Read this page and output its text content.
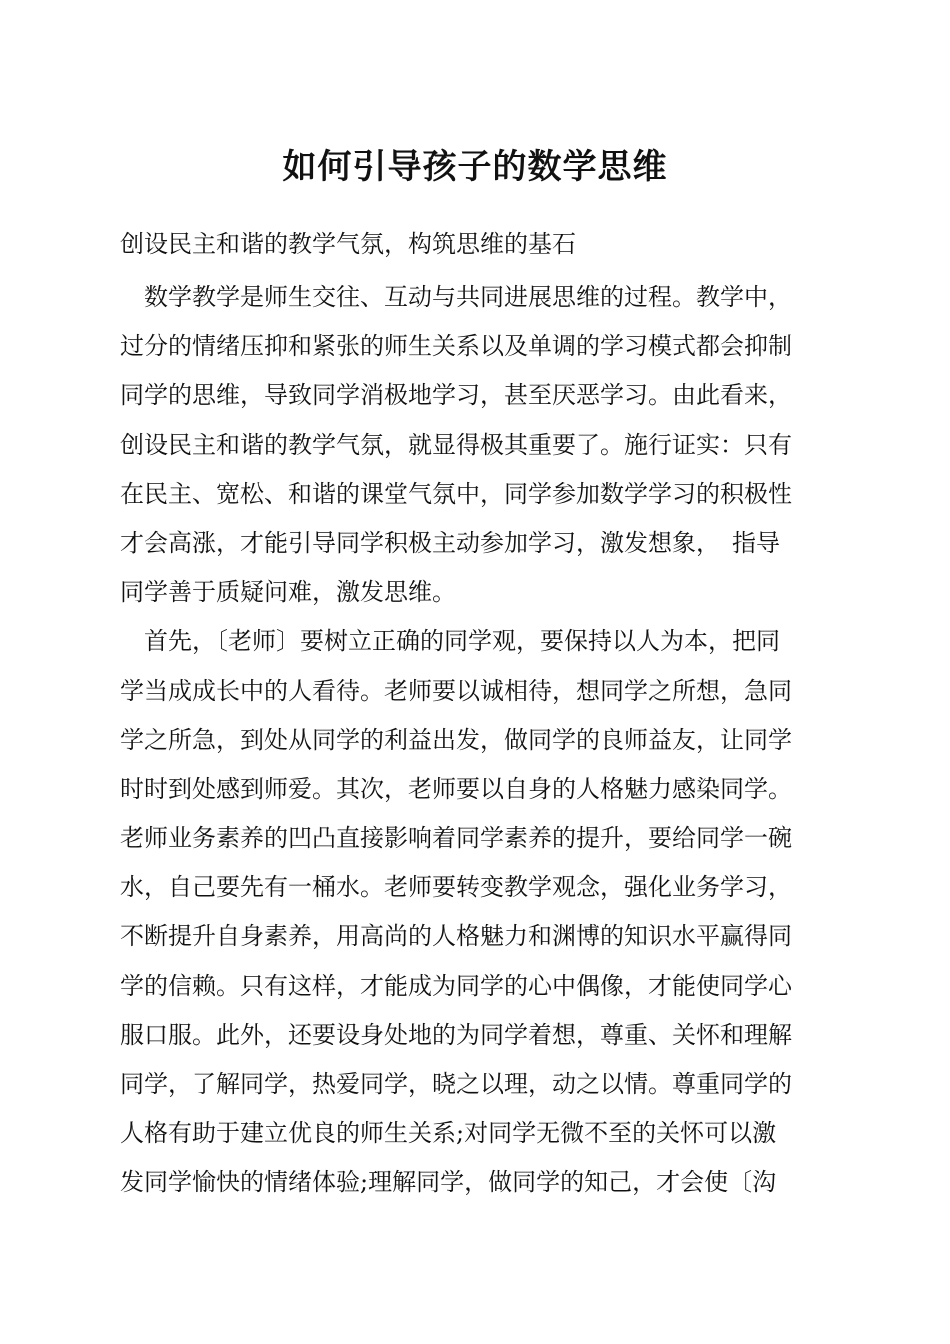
如何引导孩子的数学思维
创设民主和谐的教学气氛，构筑思维的基石
　数学教学是师生交往、互动与共同进展思维的过程。教学中，
过分的情绪压抑和紧张的师生关系以及单调的学习模式都会抑制
同学的思维，导致同学消极地学习，甚至厌恶学习。由此看来，
创设民主和谐的教学气氛，就显得极其重要了。施行证实：只有
在民主、宽松、和谐的课堂气氛中，同学参加数学学习的积极性
才会高涨，才能引导同学积极主动参加学习，激发想象，　指导
同学善于质疑问难，激发思维。
　首先，〔老师〕要树立正确的同学观，要保持以人为本，把同
学当成成长中的人看待。老师要以诚相待，想同学之所想，急同
学之所急，到处从同学的利益出发，做同学的良师益友，让同学
时时到处感到师爱。其次，老师要以自身的人格魅力感染同学。
老师业务素养的凹凸直接影响着同学素养的提升，要给同学一碗
水，自己要先有一桶水。老师要转变教学观念，强化业务学习，
不断提升自身素养，用高尚的人格魅力和渊博的知识水平赢得同
学的信赖。只有这样，才能成为同学的心中偶像，才能使同学心
服口服。此外，还要设身处地的为同学着想，尊重、关怀和理解
同学，了解同学，热爱同学，晓之以理，动之以情。尊重同学的
人格有助于建立优良的师生关系;对同学无微不至的关怀可以激
发同学愉快的情绪体验;理解同学，做同学的知己，才会使〔沟
